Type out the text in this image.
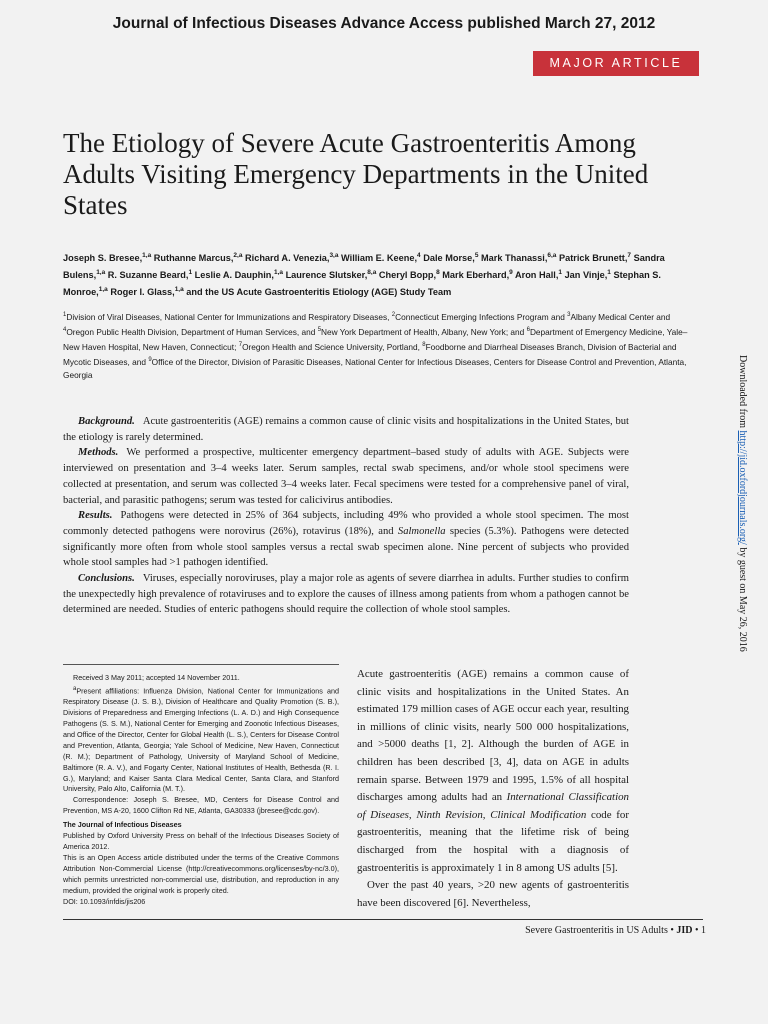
Journal of Infectious Diseases Advance Access published March 27, 2012
MAJOR ARTICLE
The Etiology of Severe Acute Gastroenteritis Among Adults Visiting Emergency Departments in the United States
Joseph S. Bresee,$^{1,a}$ Ruthanne Marcus,$^{2,a}$ Richard A. Venezia,$^{3,a}$ William E. Keene,$^4$ Dale Morse,$^5$ Mark Thanassi,$^{6,a}$ Patrick Brunett,$^7$ Sandra Bulens,$^{1,a}$ R. Suzanne Beard,$^1$ Leslie A. Dauphin,$^{1,a}$ Laurence Slutsker,$^{8,a}$ Cheryl Bopp,$^8$ Mark Eberhard,$^9$ Aron Hall,$^1$ Jan Vinje,$^1$ Stephan S. Monroe,$^{1,a}$ Roger I. Glass,$^{1,a}$ and the US Acute Gastroenteritis Etiology (AGE) Study Team
$^1$Division of Viral Diseases, National Center for Immunizations and Respiratory Diseases, $^2$Connecticut Emerging Infections Program and $^3$Albany Medical Center and $^4$Oregon Public Health Division, Department of Human Services, and $^5$New York Department of Health, Albany, New York; and $^6$Department of Emergency Medicine, Yale–New Haven Hospital, New Haven, Connecticut; $^7$Oregon Health and Science University, Portland, $^8$Foodborne and Diarrheal Diseases Branch, Division of Bacterial and Mycotic Diseases, and $^9$Office of the Director, Division of Parasitic Diseases, National Center for Infectious Diseases, Centers for Disease Control and Prevention, Atlanta, Georgia

Background. Acute gastroenteritis (AGE) remains a common cause of clinic visits and hospitalizations in the United States, but the etiology is rarely determined.

Methods. We performed a prospective, multicenter emergency department–based study of adults with AGE. Subjects were interviewed on presentation and 3–4 weeks later. Serum samples, rectal swab specimens, and/or whole stool specimens were collected at presentation, and serum was collected 3–4 weeks later. Fecal specimens were tested for a comprehensive panel of viral, bacterial, and parasitic pathogens; serum was tested for calicivirus antibodies.

Results. Pathogens were detected in 25% of 364 subjects, including 49% who provided a whole stool specimen. The most commonly detected pathogens were norovirus (26%), rotavirus (18%), and Salmonella species (5.3%). Pathogens were detected significantly more often from whole stool samples versus a rectal swab specimen alone. Nine percent of subjects who provided whole stool samples had >1 pathogen identified.

Conclusions. Viruses, especially noroviruses, play a major role as agents of severe diarrhea in adults. Further studies to confirm the unexpectedly high prevalence of rotaviruses and to explore the causes of illness among patients from whom a pathogen cannot be determined are needed. Studies of enteric pathogens should require the collection of whole stool samples.

Downloaded from http://jid.oxfordjournals.org/ by guest on May 26, 2016

Received 3 May 2011; accepted 14 November 2011.

$^a$Present affiliations: Influenza Division, National Center for Immunizations and Respiratory Disease (J. S. B.), Division of Healthcare and Quality Promotion (S. B.), Divisions of Preparedness and Emerging Infections (L. A. D.) and High Consequence Pathogens (S. S. M.), National Center for Emerging and Zoonotic Infectious Diseases, and Office of the Director, Center for Global Health (L. S.), Centers for Disease Control and Prevention, Atlanta, Georgia; Yale School of Medicine, New Haven, Connecticut (R. M.); Department of Pathology, University of Maryland School of Medicine, Baltimore (R. A. V.), and Fogarty Center, National Institutes of Health, Bethesda (R. I. G.), Maryland; and Kaiser Santa Clara Medical Center, Santa Clara, and Stanford University, Palo Alto, California (M. T.).

Correspondence: Joseph S. Bresee, MD, Centers for Disease Control and Prevention, MS A-20, 1600 Clifton Rd NE, Atlanta, GA30333 (jbresee@cdc.gov).

The Journal of Infectious Diseases

Published by Oxford University Press on behalf of the Infectious Diseases Society of America 2012.

This is an Open Access article distributed under the terms of the Creative Commons Attribution Non-Commercial License (http://creativecommons.org/licenses/by-nc/3.0), which permits unrestricted non-commercial use, distribution, and reproduction in any medium, provided the original work is properly cited.

DOI: 10.1093/infdis/jis206

Acute gastroenteritis (AGE) remains a common cause of clinic visits and hospitalizations in the United States. An estimated 179 million cases of AGE occur each year, resulting in millions of clinic visits, nearly 500 000 hospitalizations, and >5000 deaths [1, 2]. Although the burden of AGE in children has been described [3, 4], data on AGE in adults remain sparse. Between 1979 and 1995, 1.5% of all hospital discharges among adults had an International Classification of Diseases, Ninth Revision, Clinical Modification code for gastroenteritis, meaning that the lifetime risk of being discharged from the hospital with a diagnosis of gastroenteritis is approximately 1 in 8 among US adults [5].

Over the past 40 years, >20 new agents of gastroenteritis have been discovered [6]. Nevertheless,

Severe Gastroenteritis in US Adults • JID • 1
